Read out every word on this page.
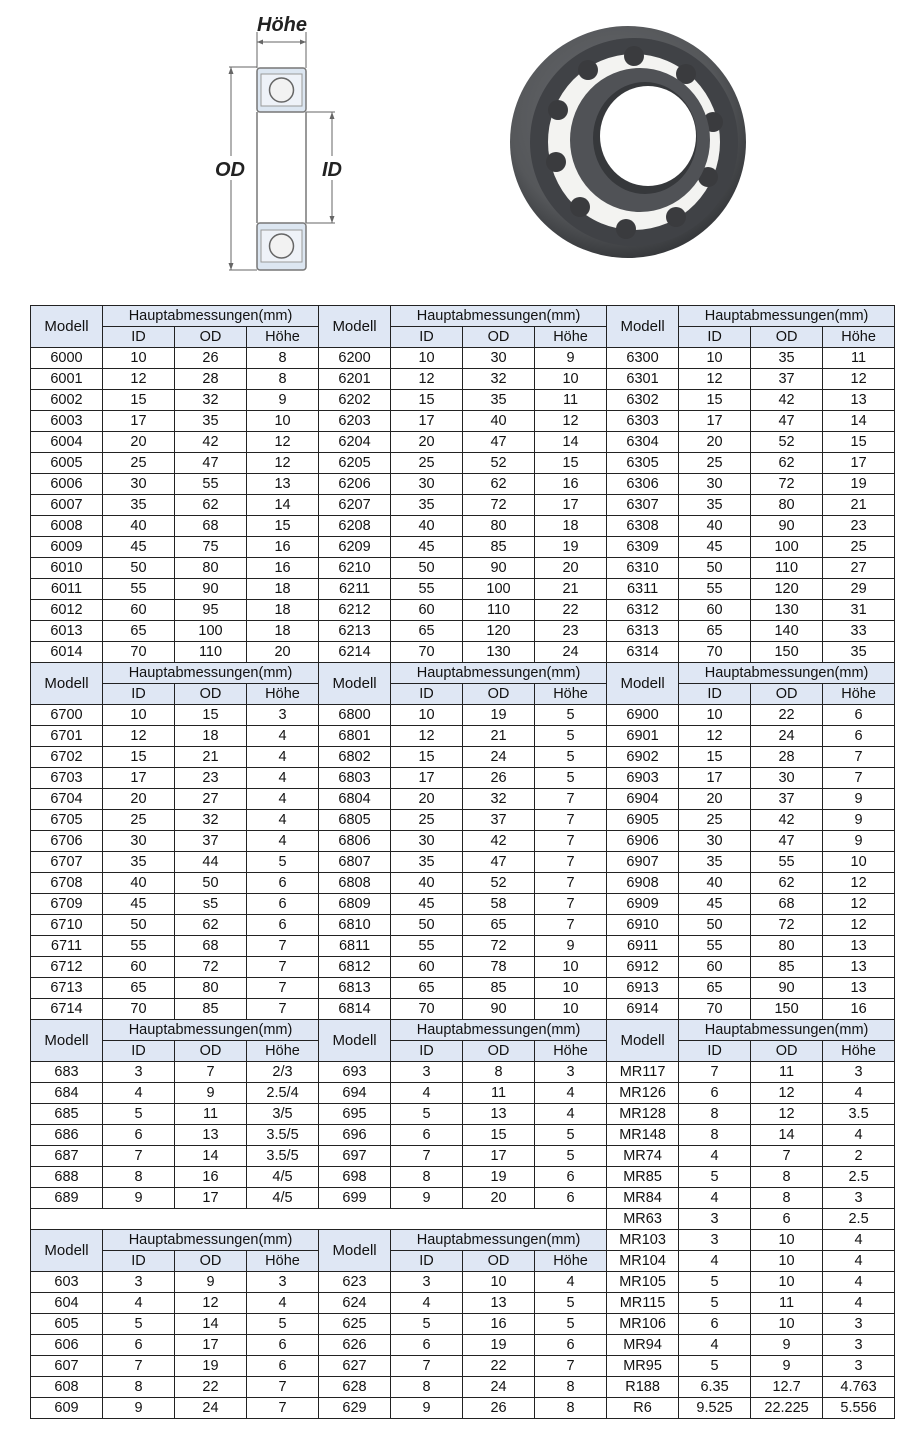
Höhe
OD	ID
Modell	Hauptabmessungen(mm)			Modell	Hauptabmessungen(mm)			Modell	Hauptabmessungen(mm)		
	ID	OD	Höhe		ID	OD	Höhe		ID	OD	Höhe
6000	10	26	8	6200	10	30	9	6300	10	35	11
6001	12	28	8	6201	12	32	10	6301	12	37	12
6002	15	32	9	6202	15	35	11	6302	15	42	13
6003	17	35	10	6203	17	40	12	6303	17	47	14
6004	20	42	12	6204	20	47	14	6304	20	52	15
6005	25	47	12	6205	25	52	15	6305	25	62	17
6006	30	55	13	6206	30	62	16	6306	30	72	19
6007	35	62	14	6207	35	72	17	6307	35	80	21
6008	40	68	15	6208	40	80	18	6308	40	90	23
6009	45	75	16	6209	45	85	19	6309	45	100	25
6010	50	80	16	6210	50	90	20	6310	50	110	27
6011	55	90	18	6211	55	100	21	6311	55	120	29
6012	60	95	18	6212	60	110	22	6312	60	130	31
6013	65	100	18	6213	65	120	23	6313	65	140	33
6014	70	110	20	6214	70	130	24	6314	70	150	35
Modell	Hauptabmessungen(mm)			Modell	Hauptabmessungen(mm)			Modell	Hauptabmessungen(mm)		
	ID	OD	Höhe		ID	OD	Höhe		ID	OD	Höhe
6700	10	15	3	6800	10	19	5	6900	10	22	6
6701	12	18	4	6801	12	21	5	6901	12	24	6
6702	15	21	4	6802	15	24	5	6902	15	28	7
6703	17	23	4	6803	17	26	5	6903	17	30	7
6704	20	27	4	6804	20	32	7	6904	20	37	9
6705	25	32	4	6805	25	37	7	6905	25	42	9
6706	30	37	4	6806	30	42	7	6906	30	47	9
6707	35	44	5	6807	35	47	7	6907	35	55	10
6708	40	50	6	6808	40	52	7	6908	40	62	12
6709	45	s5	6	6809	45	58	7	6909	45	68	12
6710	50	62	6	6810	50	65	7	6910	50	72	12
6711	55	68	7	6811	55	72	9	6911	55	80	13
6712	60	72	7	6812	60	78	10	6912	60	85	13
6713	65	80	7	6813	65	85	10	6913	65	90	13
6714	70	85	7	6814	70	90	10	6914	70	150	16
Modell	Hauptabmessungen(mm)			Modell	Hauptabmessungen(mm)			Modell	Hauptabmessungen(mm)		
	ID	OD	Höhe		ID	OD	Höhe		ID	OD	Höhe
683	3	7	2/3	693	3	8	3	MR117	7	11	3
684	4	9	2.5/4	694	4	11	4	MR126	6	12	4
685	5	11	3/5	695	5	13	4	MR128	8	12	3.5
686	6	13	3.5/5	696	6	15	5	MR148	8	14	4
687	7	14	3.5/5	697	7	17	5	MR74	4	7	2
688	8	16	4/5	698	8	19	6	MR85	5	8	2.5
689	9	17	4/5	699	9	20	6	MR84	4	8	3
								MR63	3	6	2.5
Modell	Hauptabmessungen(mm)			Modell	Hauptabmessungen(mm)			MR103	3	10	4
	ID	OD	Höhe		ID	OD	Höhe	MR104	4	10	4
603	3	9	3	623	3	10	4	MR105	5	10	4
604	4	12	4	624	4	13	5	MR115	5	11	4
605	5	14	5	625	5	16	5	MR106	6	10	3
606	6	17	6	626	6	19	6	MR94	4	9	3
607	7	19	6	627	7	22	7	MR95	5	9	3
608	8	22	7	628	8	24	8	R188	6.35	12.7	4.763
609	9	24	7	629	9	26	8	R6	9.525	22.225	5.556
